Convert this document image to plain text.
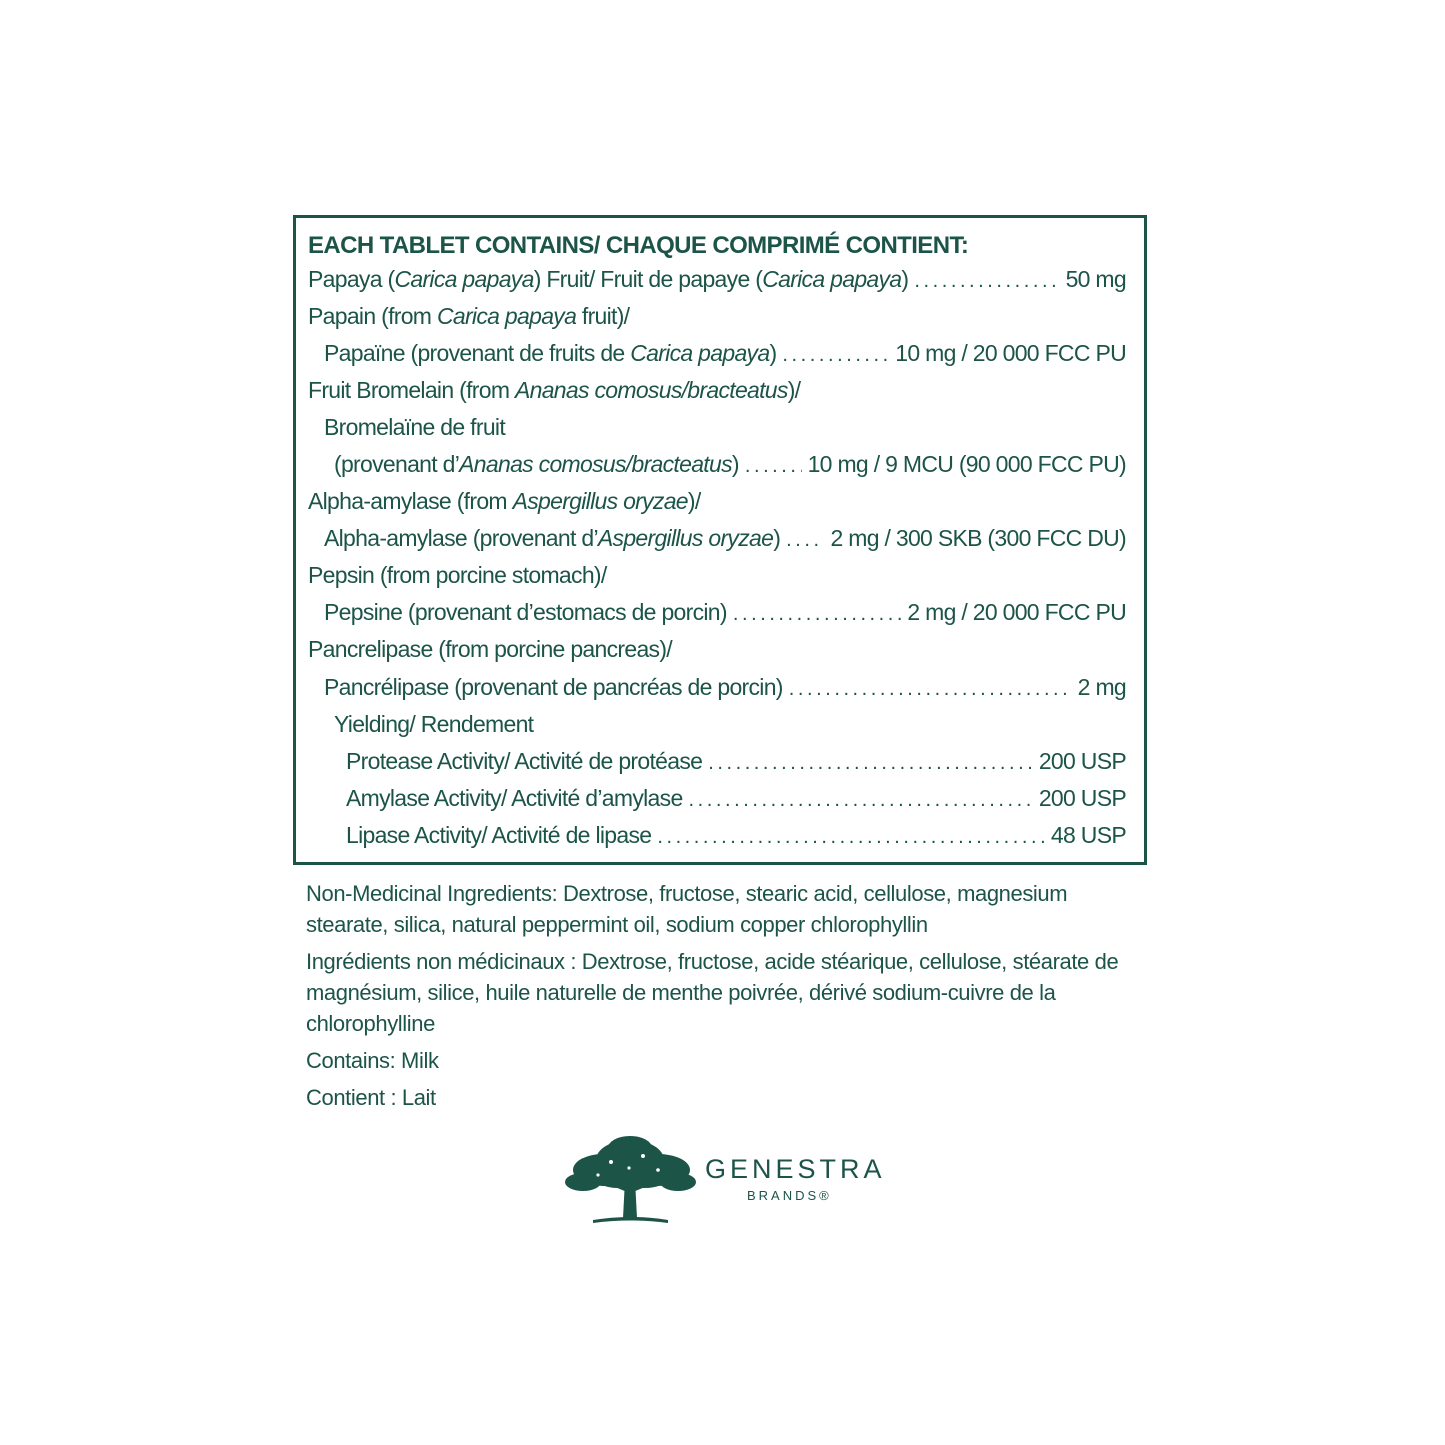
EACH TABLET CONTAINS/ CHAQUE COMPRIMÉ CONTIENT:
Papaya (Carica papaya) Fruit/ Fruit de papaye (Carica papaya) . . .	50 mg
Papain (from Carica papaya fruit)/
Papaïne (provenant de fruits de Carica papaya) . . .	10 mg / 20 000 FCC PU
Fruit Bromelain (from Ananas comosus/bracteatus)/
Bromelaïne de fruit
(provenant d’Ananas comosus/bracteatus) . . .	10 mg / 9 MCU (90 000 FCC PU)
Alpha-amylase (from Aspergillus oryzae)/
Alpha-amylase (provenant d’Aspergillus oryzae) . . . 2 mg / 300 SKB (300 FCC DU)
Pepsin (from porcine stomach)/
Pepsine (provenant d’estomacs de porcin) . . .	2 mg / 20 000 FCC PU
Pancrelipase (from porcine pancreas)/
Pancrélipase (provenant de pancréas de porcin) . . .	2 mg
Yielding/ Rendement
Protease Activity/ Activité de protéase . . .	200 USP
Amylase Activity/ Activité d’amylase . . .	200 USP
Lipase Activity/ Activité de lipase . . .	48 USP

Non-Medicinal Ingredients: Dextrose, fructose, stearic acid, cellulose, magnesium stearate, silica, natural peppermint oil, sodium copper chlorophyllin

Ingrédients non médicinaux : Dextrose, fructose, acide stéarique, cellulose, stéarate de magnésium, silice, huile naturelle de menthe poivrée, dérivé sodium-cuivre de la chlorophylline

Contains: Milk

Contient : Lait

GENESTRA
BRANDS®
